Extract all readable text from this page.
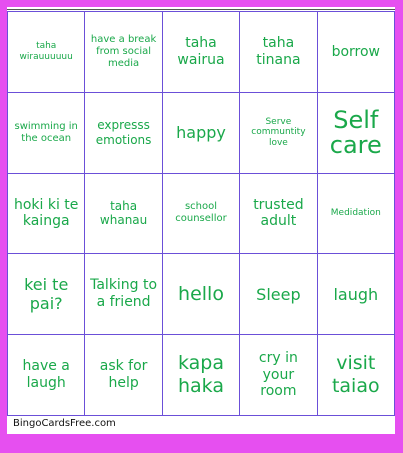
taha wirauuuuuu
have a break from social media
taha wairua
taha tinana
borrow
swimming in the ocean
expresss emotions	happy
Serve communtity love
Self care
hoki ki te kainga
taha whanau
school counsellor
trusted adult
Medidation
kei te pai?
Talking to a friend	hello	Sleep	laugh
have a laugh
ask for help
kapa haka
cry in your room
visit taiao
BingoCardsFree.com
